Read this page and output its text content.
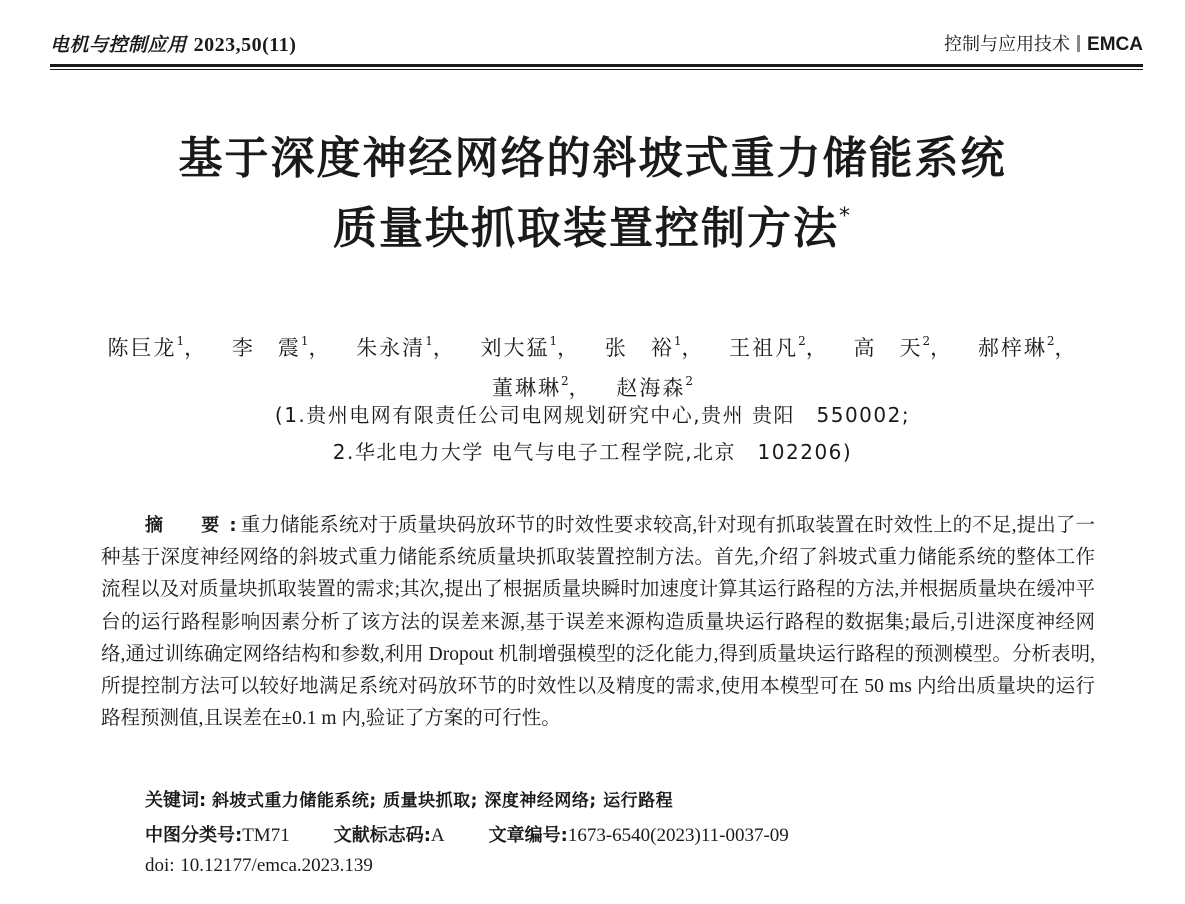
电机与控制应用 2023,50(11)	控制与应用技术 EMCA
基于深度神经网络的斜坡式重力储能系统
质量块抓取装置控制方法*
陈巨龙$^1$， 李　震$^1$， 朱永清$^1$， 刘大猛$^1$， 张　裕$^1$， 王祖凡$^2$， 高　天$^2$， 郝梓琳$^2$， 董琳琳$^2$， 赵海森$^2$
(1.贵州电网有限责任公司电网规划研究中心,贵州 贵阳　550002;
2.华北电力大学 电气与电子工程学院,北京　102206)
摘　要: 重力储能系统对于质量块码放环节的时效性要求较高,针对现有抓取装置在时效性上的不足,提出了一种基于深度神经网络的斜坡式重力储能系统质量块抓取装置控制方法。首先,介绍了斜坡式重力储能系统的整体工作流程以及对质量块抓取装置的需求;其次,提出了根据质量块瞬时加速度计算其运行路程的方法,并根据质量块在缓冲平台的运行路程影响因素分析了该方法的误差来源,基于误差来源构造质量块运行路程的数据集;最后,引进深度神经网络,通过训练确定网络结构和参数,利用 Dropout 机制增强模型的泛化能力,得到质量块运行路程的预测模型。分析表明,所提控制方法可以较好地满足系统对码放环节的时效性以及精度的需求,使用本模型可在 50 ms 内给出质量块的运行路程预测值,且误差在±0.1 m 内,验证了方案的可行性。
关键词: 斜坡式重力储能系统; 质量块抓取; 深度神经网络; 运行路程
中图分类号:TM71 文献标志码:A 文章编号:1673-6540(2023)11-0037-09
doi: 10.12177/emca.2023.139
